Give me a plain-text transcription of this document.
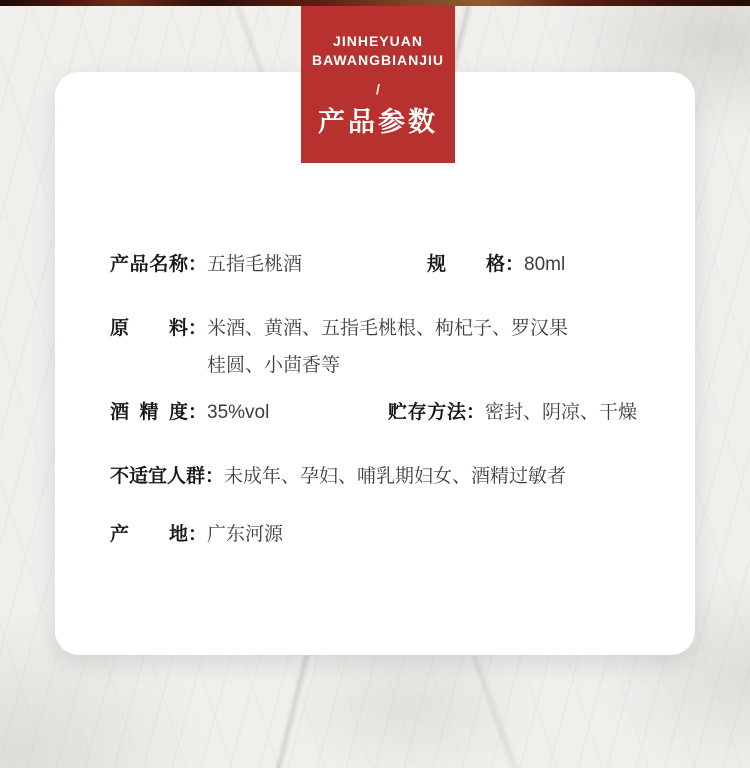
产品名称：五指毛桃酒	规格：80ml
原料：米酒、黄酒、五指毛桃根、枸杞子、罗汉果
桂圆、小茴香等
酒精度：35%vol	贮存方法：密封、阴凉、干燥
不适宜人群：未成年、孕妇、哺乳期妇女、酒精过敏者
产地：广东河源
JINHEYUAN
BAWANGBIANJIU
/
产品参数
